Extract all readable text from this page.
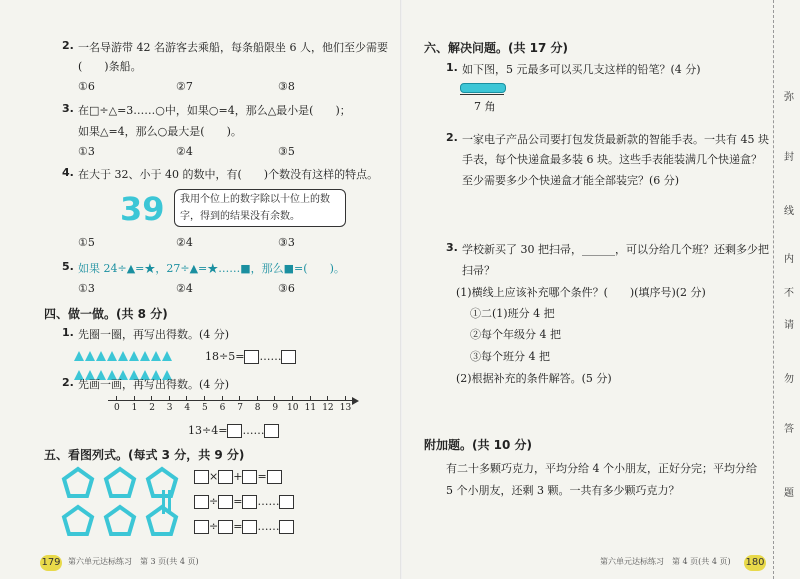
2. 一名导游带 42 名游客去乘船，每条船限坐 6 人，他们至少需要
(　　)条船。
①6	②7	③8
3. 在□÷△=3……○中，如果○=4，那么△最小是(　　)；
如果△=4，那么○最大是(　　)。
①3	②4	③5
4. 在大于 32、小于 40 的数中，有(　　)个数没有这样的特点。
39	我用个位上的数字除以十位上的数字，得到的结果没有余数。
①5	②4	③3
5. 如果 24÷▲=★，27÷▲=★……■，那么■=(　　)。
①3	②4	③6
四、做一做。(共 8 分)
1. 先圈一圈，再写出得数。(4 分)
18÷5= ……
2. 先画一画，再写出得数。(4 分)
0 1 2 3 4 5 6 7 8 9 10 11 12 13
13÷4= ……
五、看图列式。(每式 3 分，共 9 分)
× + =
÷ = ……
÷ = ……
179 第六单元达标练习　第 3 页(共 4 页)
六、解决问题。(共 17 分)
1. 如下图，5 元最多可以买几支这样的铅笔？(4 分)
7 角
2. 一家电子产品公司要打包发货最新款的智能手表。一共有 45 块
手表，每个快递盒最多装 6 块。这些手表能装满几个快递盒？
至少需要多少个快递盒才能全部装完？(6 分)
3. 学校新买了 30 把扫帚，______，可以分给几个班？还剩多少把
扫帚？
(1)横线上应该补充哪个条件？(　　)(填序号)(2 分)
①二(1)班分 4 把
②每个年级分 4 把
③每个班分 4 把
(2)根据补充的条件解答。(5 分)
附加题。(共 10 分)
有二十多颗巧克力，平均分给 4 个小朋友，正好分完；平均分给
5 个小朋友，还剩 3 颗。一共有多少颗巧克力？
第六单元达标练习　第 4 页(共 4 页) 180
弥
封
线
内
不
请
勿
答
题
